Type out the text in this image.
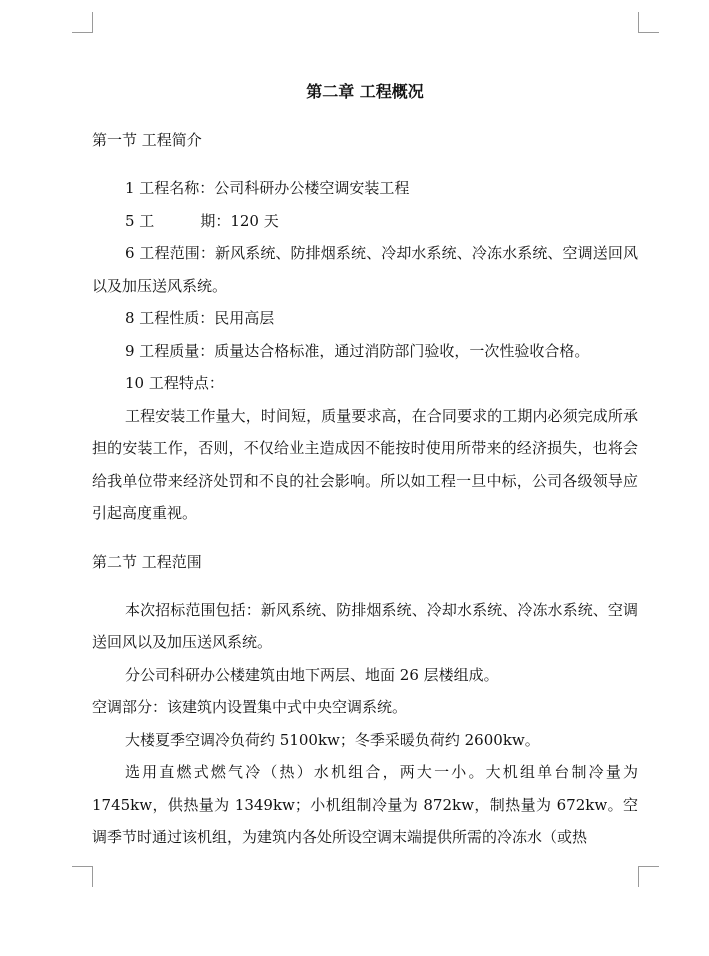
第二章 工程概况
第一节 工程简介
1 工程名称：公司科研办公楼空调安装工程
5 工	期：120 天
6 工程范围：新风系统、防排烟系统、冷却水系统、冷冻水系统、空调送回风以及加压送风系统。
8 工程性质：民用高层
9 工程质量：质量达合格标准，通过消防部门验收，一次性验收合格。
10 工程特点：
工程安装工作量大，时间短，质量要求高，在合同要求的工期内必须完成所承担的安装工作，否则，不仅给业主造成因不能按时使用所带来的经济损失，也将会给我单位带来经济处罚和不良的社会影响。所以如工程一旦中标，公司各级领导应引起高度重视。
第二节 工程范围
本次招标范围包括：新风系统、防排烟系统、冷却水系统、冷冻水系统、空调送回风以及加压送风系统。
分公司科研办公楼建筑由地下两层、地面 26 层楼组成。
空调部分：该建筑内设置集中式中央空调系统。
大楼夏季空调冷负荷约 5100kw；冬季采暖负荷约 2600kw。
选用直燃式燃气冷（热）水机组合，两大一小。大机组单台制冷量为 1745kw，供热量为 1349kw；小机组制冷量为 872kw，制热量为 672kw。空调季节时通过该机组，为建筑内各处所设空调末端提供所需的冷冻水（或热
